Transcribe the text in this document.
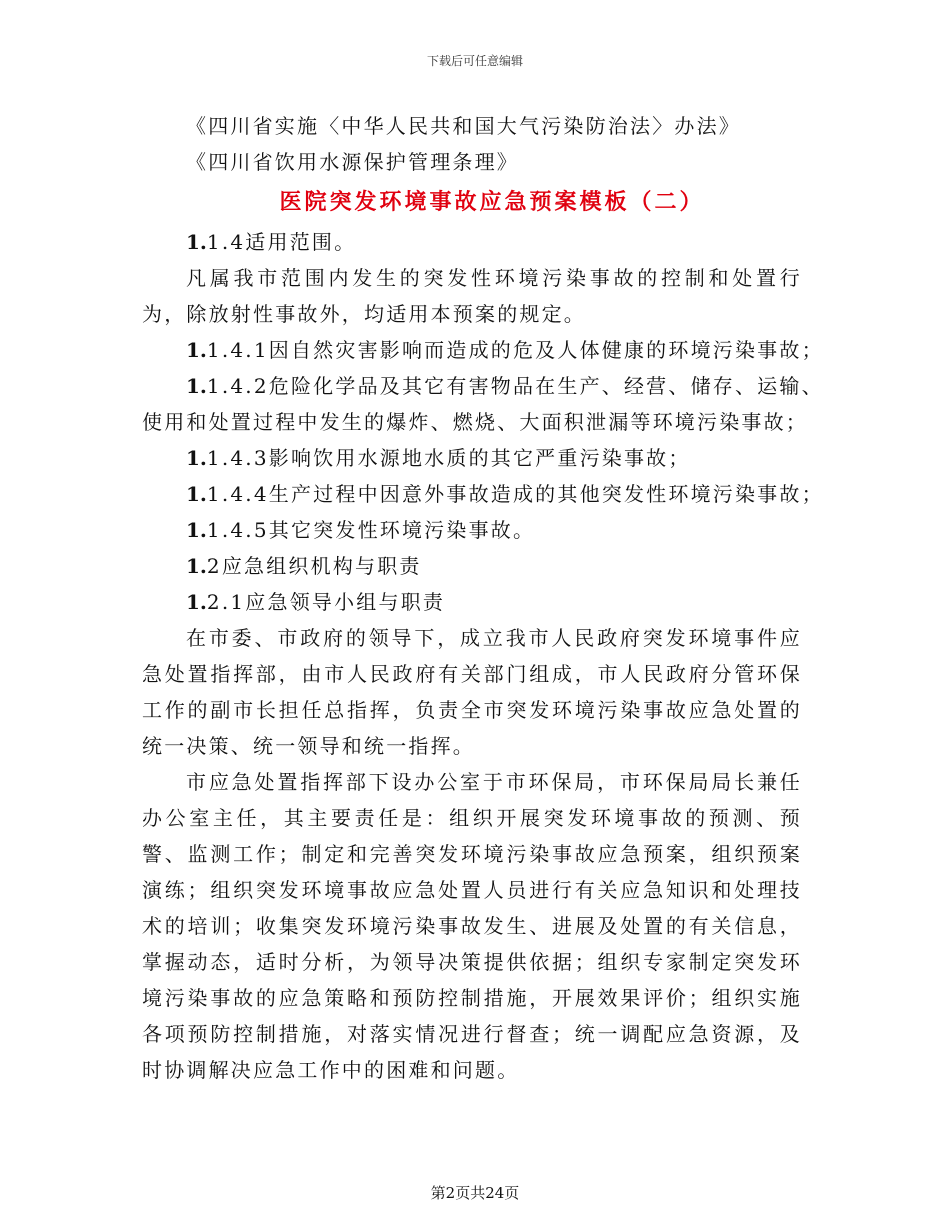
下载后可任意编辑
《四川省实施〈中华人民共和国大气污染防治法〉办法》
《四川省饮用水源保护管理条理》
医院突发环境事故应急预案模板（二）
1.1.4适用范围。

凡属我市范围内发生的突发性环境污染事故的控制和处置行为，除放射性事故外，均适用本预案的规定。

1.1.4.1因自然灾害影响而造成的危及人体健康的环境污染事故；
1.1.4.2危险化学品及其它有害物品在生产、经营、储存、运输、
使用和处置过程中发生的爆炸、燃烧、大面积泄漏等环境污染事故；
1.1.4.3影响饮用水源地水质的其它严重污染事故；
1.1.4.4生产过程中因意外事故造成的其他突发性环境污染事故；
1.1.4.5其它突发性环境污染事故。
1.2应急组织机构与职责
1.2.1应急领导小组与职责

在市委、市政府的领导下，成立我市人民政府突发环境事件应急处置指挥部，由市人民政府有关部门组成，市人民政府分管环保工作的副市长担任总指挥，负责全市突发环境污染事故应急处置的统一决策、统一领导和统一指挥。

市应急处置指挥部下设办公室于市环保局，市环保局局长兼任办公室主任，其主要责任是：组织开展突发环境事故的预测、预警、监测工作；制定和完善突发环境污染事故应急预案，组织预案演练；组织突发环境事故应急处置人员进行有关应急知识和处理技术的培训；收集突发环境污染事故发生、进展及处置的有关信息，掌握动态，适时分析，为领导决策提供依据；组织专家制定突发环境污染事故的应急策略和预防控制措施，开展效果评价；组织实施各项预防控制措施，对落实情况进行督查；统一调配应急资源，及时协调解决应急工作中的困难和问题。

第2页共24页
